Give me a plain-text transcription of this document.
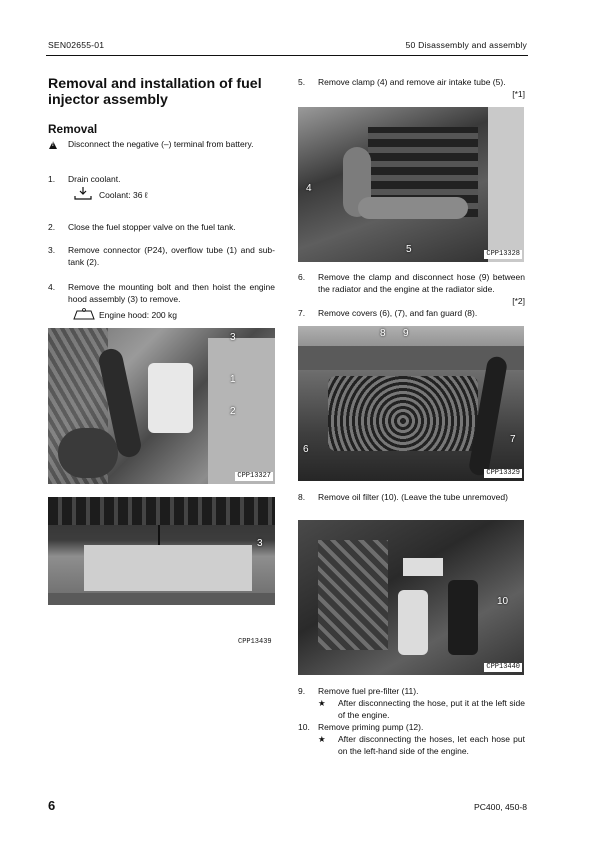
SEN02655-01	50 Disassembly and assembly
Removal and installation of fuel injector assembly
Removal
! Disconnect the negative (–) terminal from battery.
1. Drain coolant.
Coolant: 36 ℓ
2. Close the fuel stopper valve on the fuel tank.
3. Remove connector (P24), overflow tube (1) and sub-tank (2).
4. Remove the mounting bolt and then hoist the engine hood assembly (3) to remove.
Engine hood: 200 kg
3
1
2
CPP13327
3
CPP13439
5. Remove clamp (4) and remove air intake tube (5).
[*1]
4
5	CPP13328
6. Remove the clamp and disconnect hose (9) between the radiator and the engine at the radiator side.
[*2]
7. Remove covers (6), (7), and fan guard (8).
8 9
6
7
CPP13329
8. Remove oil filter (10). (Leave the tube unremoved)
10
CPP13440
9. Remove fuel pre-filter (11).
★ After disconnecting the hose, put it at the left side of the engine.
10. Remove priming pump (12).
★ After disconnecting the hoses, let each hose put on the left-hand side of the engine.
6	PC400, 450-8
